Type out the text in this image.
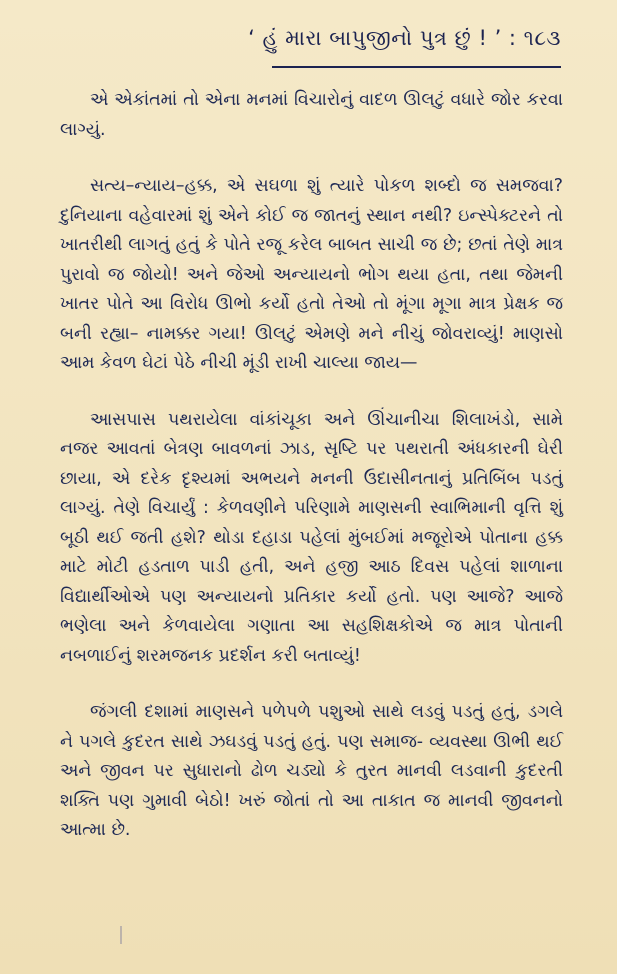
‘ હું મારા બાપુજીનો પુત્ર છું ! ’ : ૧૮૩

એ એકાંતમાં તો એના મનમાં વિચારોનું વાદળ ઊલટું વધારે જોર કરવા લાગ્યું.

સત્ય–ન્યાય–હક્ક, એ સઘળા શું ત્યારે પોકળ શબ્દો જ સમજવા? દુનિયાના વહેવારમાં શું એને કોઈ જ જાતનું સ્થાન નથી? ઇન્સ્પેક્ટરને તો ખાતરીથી લાગતું હતું કે પોતે રજૂ કરેલ બાબત સાચી જ છે; છતાં તેણે માત્ર પુરાવો જ જોયો! અને જેઓ અન્યાયનો ભોગ થયા હતા, તથા જેમની ખાતર પોતે આ વિરોધ ઊભો કર્યો હતો તેઓ તો મૂંગા મૂગા માત્ર પ્રેક્ષક જ બની રહ્યા– નામક્કર ગયા! ઊલટું એમણે મને નીચું જોવરાવ્યું! માણસો આમ કેવળ ઘેટાં પેઠે નીચી મૂંડી રાખી ચાલ્યા જાય—

આસપાસ પથરાયેલા વાંકાંચૂકા અને ઊંચાનીચા શિલાખંડો, સામે નજર આવતાં બેત્રણ બાવળનાં ઝાડ, સૃષ્ટિ પર પથરાતી અંધકારની ઘેરી છાયા, એ દરેક દૃશ્યમાં અભયને મનની ઉદાસીનતાનું પ્રતિબિંબ પડતું લાગ્યું. તેણે વિચાર્યું : કેળવણીને પરિણામે માણસની સ્વાભિમાની વૃત્તિ શું બૂઠી થઈ જતી હશે? થોડા દહાડા પહેલાં મુંબઈમાં મજૂરોએ પોતાના હક્ક માટે મોટી હડતાળ પાડી હતી, અને હજી આઠ દિવસ પહેલાં શાળાના વિદ્યાર્થીઓએ પણ અન્યાયનો પ્રતિકાર કર્યો હતો. પણ આજે? આજે ભણેલા અને કેળવાયેલા ગણાતા આ સહશિક્ષકોએ જ માત્ર પોતાની નબળાઈનું શરમજનક પ્રદર્શન કરી બતાવ્યું!

જંગલી દશામાં માણસને પળેપળે પશુઓ સાથે લડવું પડતું હતું, ડગલે ને પગલે કુદરત સાથે ઝઘડવું પડતું હતું. પણ સમાજ- વ્યવસ્થા ઊભી થઈ અને જીવન પર સુધારાનો ઢોળ ચડ્યો કે તુરત માનવી લડવાની કુદરતી શક્તિ પણ ગુમાવી બેઠો! ખરું જોતાં તો આ તાકાત જ માનવી જીવનનો આત્મા છે.
